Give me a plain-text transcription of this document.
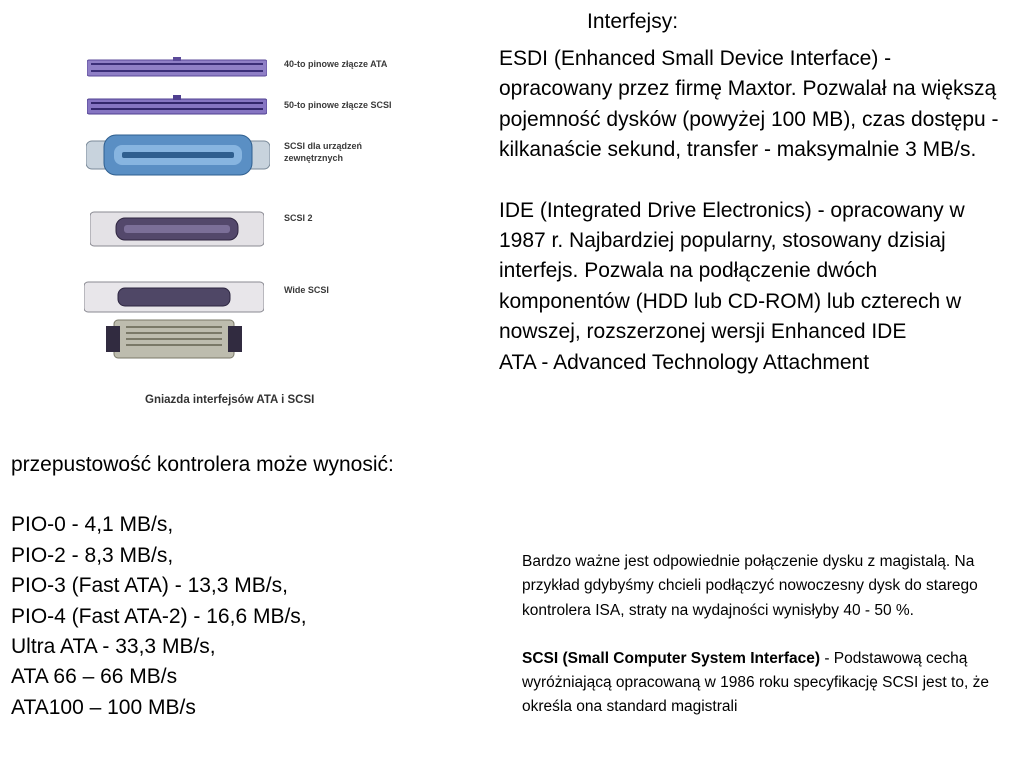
Interfejsy:

ESDI (Enhanced Small Device Interface) - opracowany przez firmę Maxtor. Pozwalał na większą pojemność dysków (powyżej 100 MB), czas dostępu - kilkanaście sekund, transfer - maksymalnie 3 MB/s.

IDE (Integrated Drive Electronics) - opracowany w 1987 r. Najbardziej popularny, stosowany dzisiaj interfejs. Pozwala na podłączenie dwóch komponentów (HDD lub CD-ROM) lub czterech w nowszej, rozszerzonej wersji Enhanced IDE

ATA - Advanced Technology Attachment

40-to pinowe złącze ATA
50-to pinowe złącze SCSI
SCSI dla urządzeń zewnętrznych
SCSI 2
Wide SCSI
Gniazda interfejsów ATA i SCSI

przepustowość kontrolera może wynosić:

PIO-0 - 4,1 MB/s,

PIO-2 - 8,3 MB/s,

PIO-3 (Fast ATA) - 13,3 MB/s,

PIO-4 (Fast ATA-2) - 16,6 MB/s,

Ultra ATA - 33,3 MB/s,

ATA 66 – 66 MB/s

ATA100 – 100 MB/s

Bardzo ważne jest odpowiednie połączenie dysku z magistalą. Na przykład gdybyśmy chcieli podłączyć nowoczesny dysk do starego kontrolera ISA, straty na wydajności wynisłyby 40 - 50 %.

SCSI (Small Computer System Interface) - Podstawową cechą wyróżniającą opracowaną w 1986 roku specyfikację SCSI jest to, że określa ona standard magistrali
